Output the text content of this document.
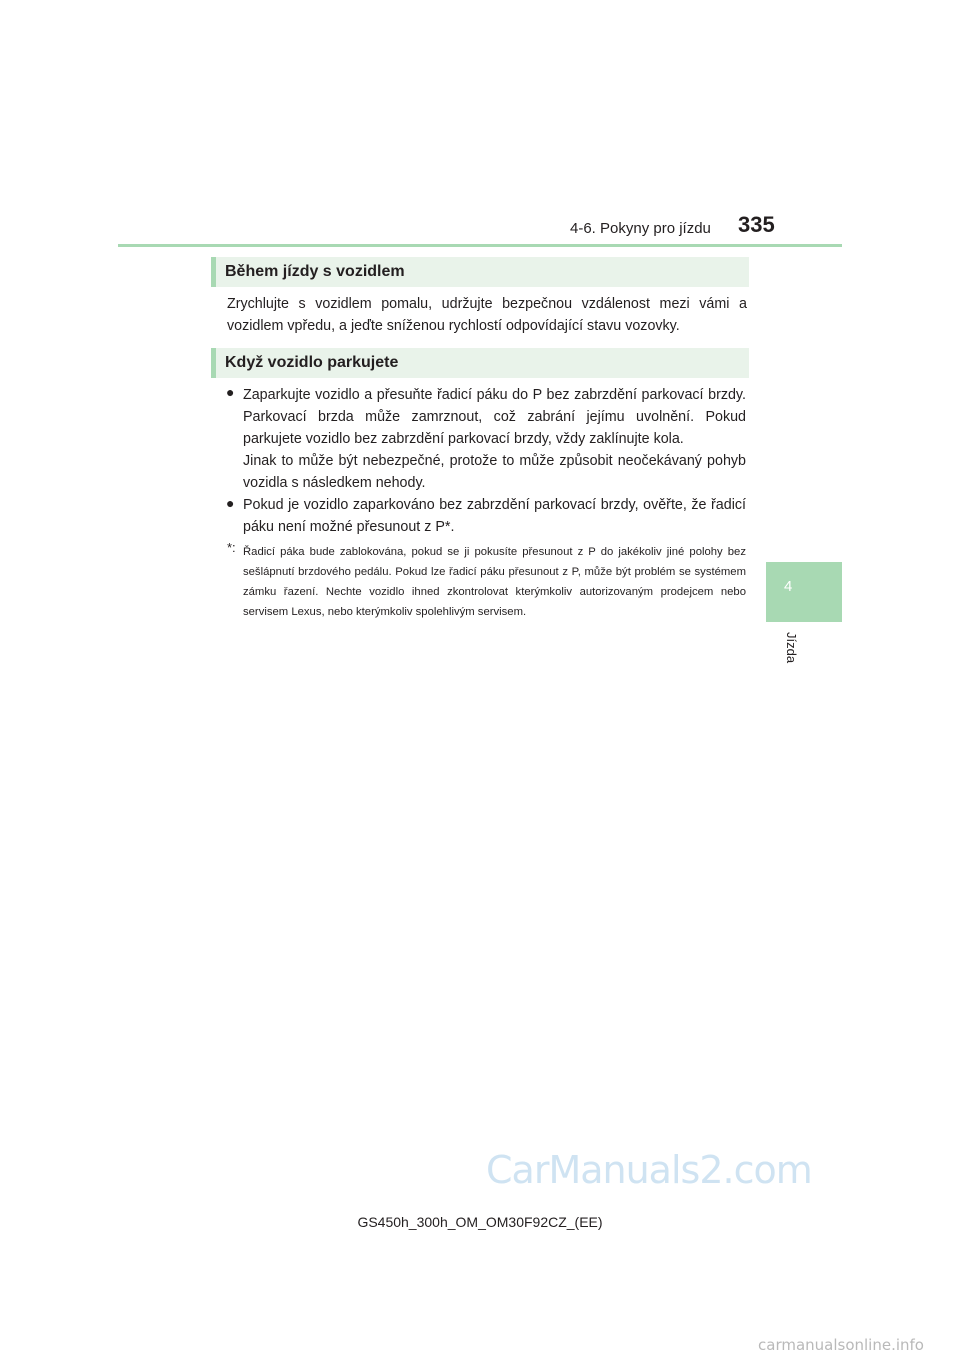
4-6. Pokyny pro jízdu 335
4
Jízda
Během jízdy s vozidlem
Zrychlujte s vozidlem pomalu, udržujte bezpečnou vzdálenost mezi vámi a vozidlem vpředu, a jeďte sníženou rychlostí odpovídající stavu vozovky.
Když vozidlo parkujete
● Zaparkujte vozidlo a přesuňte řadicí páku do P bez zabrzdění parkovací brzdy. Parkovací brzda může zamrznout, což zabrání jejímu uvolnění. Pokud parkujete vozidlo bez zabrzdění parkovací brzdy, vždy zaklínujte kola.
Jinak to může být nebezpečné, protože to může způsobit neočekávaný pohyb vozidla s následkem nehody.
● Pokud je vozidlo zaparkováno bez zabrzdění parkovací brzdy, ověřte, že řadicí páku není možné přesunout z P*.
*: Řadicí páka bude zablokována, pokud se ji pokusíte přesunout z P do jakékoliv jiné polohy bez sešlápnutí brzdového pedálu. Pokud lze řadicí páku přesunout z P, může být problém se systémem zámku řazení. Nechte vozidlo ihned zkontrolovat kterýmkoliv autorizovaným prodejcem nebo servisem Lexus, nebo kterýmkoliv spolehlivým servisem.
CarManuals2.com
GS450h_300h_OM_OM30F92CZ_(EE)
carmanualsonline.info
